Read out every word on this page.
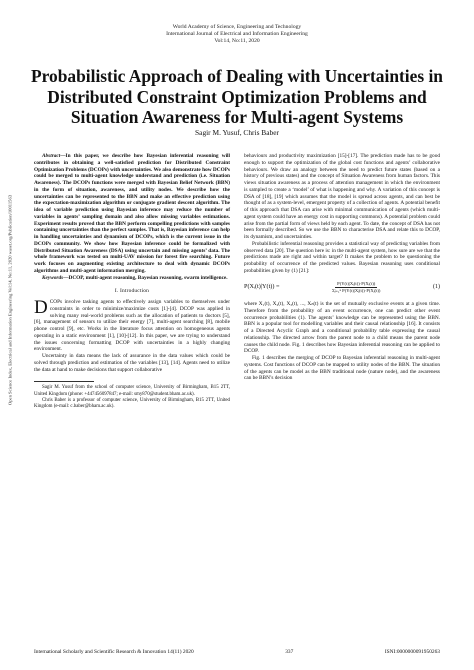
World Academy of Science, Engineering and Technology
International Journal of Electrical and Information Engineering
Vol:14, No:11, 2020
Probabilistic Approach of Dealing with Uncertainties in Distributed Constraint Optimization Problems and Situation Awareness for Multi-agent Systems
Sagir M. Yusuf, Chris Baber
Open Science Index, Electrical and Information Engineering Vol:14, No:11, 2020 waset.org/Publication/10011563

Abstract—In this paper, we describe how Bayesian inferential reasoning will contributes in obtaining a well-satisfied prediction for Distributed Constraint Optimization Problems (DCOPs) with uncertainties. We also demonstrate how DCOPs could be merged to multi-agent knowledge understand and prediction (i.e. Situation Awareness). The DCOPs functions were merged with Bayesian Belief Network (BBN) in the form of situation, awareness, and utility nodes. We describe how the uncertainties can be represented to the BBN and make an effective prediction using the expectation-maximization algorithm or conjugate gradient descent algorithm. The idea of variable prediction using Bayesian inference may reduce the number of variables in agents’ sampling domain and also allow missing variables estimations. Experiment results proved that the BBN perform compelling predictions with samples containing uncertainties than the perfect samples. That is, Bayesian inference can help in handling uncertainties and dynamism of DCOPs, which is the current issue in the DCOPs community. We show how Bayesian inference could be formalized with Distributed Situation Awareness (DSA) using uncertain and missing agents’ data. The whole framework was tested on multi-UAV mission for forest fire searching. Future work focuses on augmenting existing architecture to deal with dynamic DCOPs algorithms and multi-agent information merging.

Keywords—DCOP, multi-agent reasoning, Bayesian reasoning, swarm intelligence.

I. Introduction

D COPs involve tasking agents to effectively assign variables to themselves under constraints in order to minimize/maximize costs [1]-[4]. DCOP was applied in solving many real-world problems such as the allocation of patients to doctors [5], [6], management of sensors to utilize their energy [7], multi-agent searching [8], mobile phone control [9], etc. Works in the literature focus attention on homogeneous agents operating in a static environment [1], [10]-[12]. In this paper, we are trying to understand the issues concerning formatting DCOP with uncertainties in a highly changing environment.

Uncertainty in data means the lack of assurance in the data values which could be solved through prediction and estimation of the variables [13], [14]. Agents need to utilize the data at hand to make decisions that support collaborative

Sagir M. Yusuf from the school of computer science, University of Birmingham, B15 2TT, United Kingdom (phone: +447456097847; e-mail: smy870@student.bham.ac.uk).

Chris Baber is a professor of computer science, University of Birmingham, B15 2TT, United Kingdom (e-mail: c.baber@bham.ac.uk).

behaviours and productivity maximization [15]-[17]. The prediction made has to be good enough to support the optimization of the global cost functions and agents’ collaborative behaviours. We draw an analogy between the need to predict future states (based on a history of previous states) and the concept of Situation Awareness from human factors. This views situation awareness as a process of attention management in which the environment is sampled to create a ‘model’ of what is happening and why. A variation of this concept is DSA of [18], [19] which assumes that the model is spread across agents, and can best be thought of as a system-level, emergent property of a collection of agents. A potential benefit of this approach that DSA can arise with minimal communication of agents (which multi-agent system could have an energy cost in supporting commons). A potential problem could arise from the partial form of views held by each agent. To date, the concept of DSA has not been formally described. So we use the BBN to characterise DSA and relate this to DCOP, its dynamism, and uncertainties.

Probabilistic inferential reasoning provides a statistical way of predicting variables from observed data [20]. The question here is: in the multi-agent system, how sure are we that the predictions made are right and within target? It makes the problem to be questioning the probability of occurrence of the predicted values. Bayesian reasoning uses conditional probabilities given by (1) [21]:

P(Xᵢ(t)|Y(t)) =	$\frac{\text{P(Y(t)|Xᵢ(t))·P(Xᵢ(t))}}{\text{Σⱼ₌₁ⁿ P(Y(t)|Xⱼ(t))·P(Xⱼ(t))}}$	(1)

where X₁(t), X₂(t), X₃(t), ..., Xₙ(t) is the set of mutually exclusive events at a given time. Therefore from the probability of an event occurrence, one can predict other event occurrence probabilities (1). The agents’ knowledge can be represented using the BBN. BBN is a popular tool for modelling variables and their causal relationship [16]. It consists of a Directed Acyclic Graph and a conditional probability table expressing the causal relationship. The directed arrow from the parent node to a child means the parent node causes the child node. Fig. 1 describes how Bayesian inferential reasoning can be applied to DCOP.

Fig. 1 describes the merging of DCOP to Bayesian inferential reasoning in multi-agent systems. Cost functions of DCOP can be mapped to utility nodes of the BBN. The situation of the agents can be model as the BBN traditional node (nature node), and the awareness can be BBN’s decision

International Scholarly and Scientific Research & Innovation 14(11) 2020	337	ISNI:0000000091950263
